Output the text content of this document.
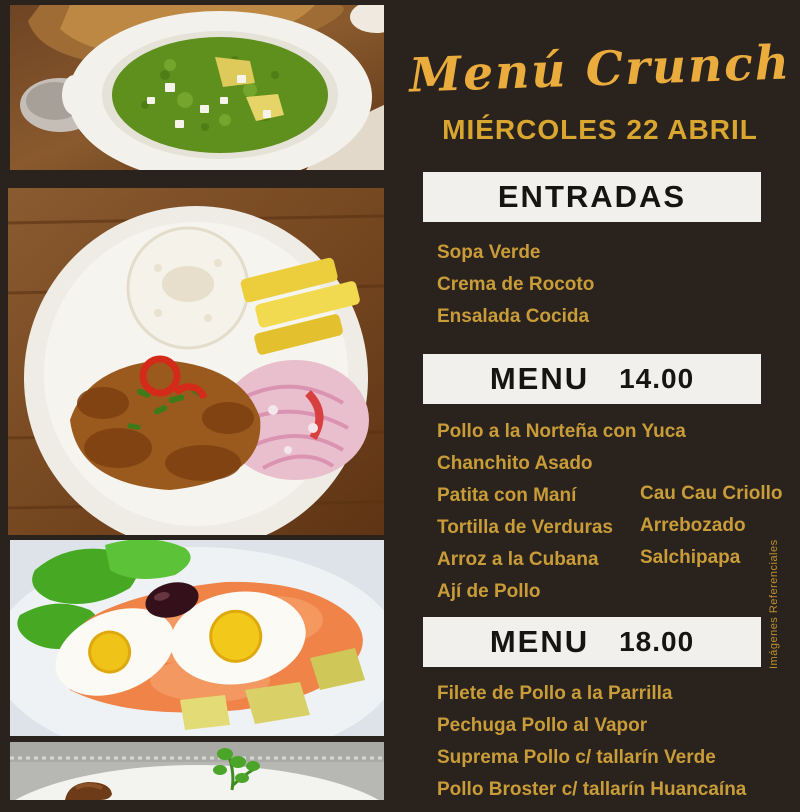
Menú Crunch
MIÉRCOLES 22 ABRIL
ENTRADAS
Sopa Verde
Crema de Rocoto
Ensalada Cocida
MENU 14.00
Pollo a la Norteña con Yuca
Chanchito Asado
Patita con Maní
Tortilla de Verduras
Arroz a la Cubana
Ají de Pollo
Cau Cau Criollo
Arrebozado
Salchipapa
MENU 18.00
Filete de Pollo a la Parrilla
Pechuga Pollo al Vapor
Suprema Pollo c/ tallarín Verde
Pollo Broster c/ tallarín Huancaína
Imágenes Referenciales
